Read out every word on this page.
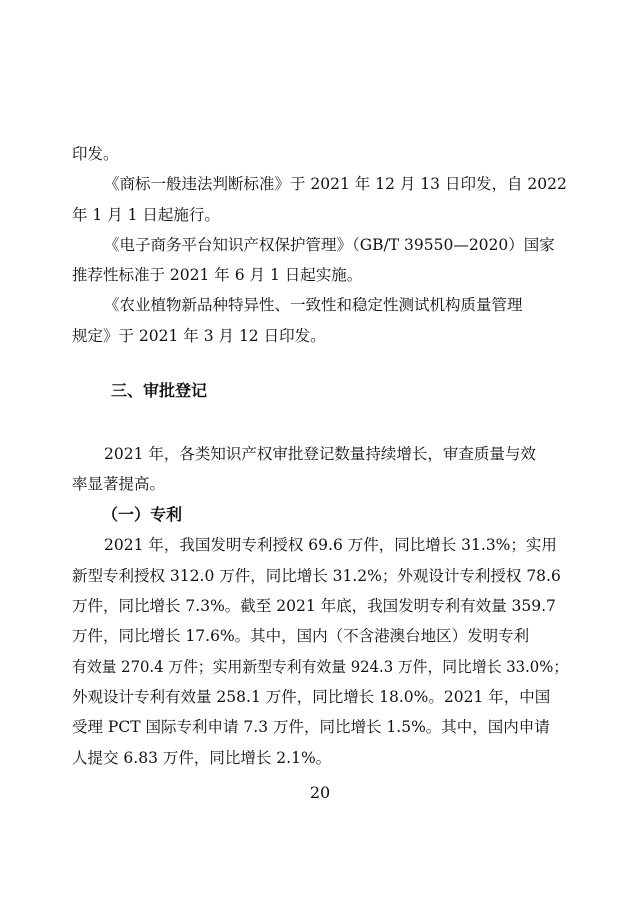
印发。
《商标一般违法判断标准》于 2021 年 12 月 13 日印发，自 2022
年 1 月 1 日起施行。
《电子商务平台知识产权保护管理》（GB/T 39550—2020）国家
推荐性标准于 2021 年 6 月 1 日起实施。
《农业植物新品种特异性、一致性和稳定性测试机构质量管理
规定》于 2021 年 3 月 12 日印发。
三、审批登记
2021 年，各类知识产权审批登记数量持续增长，审查质量与效
率显著提高。
（一）专利
2021 年，我国发明专利授权 69.6 万件，同比增长 31.3%；实用
新型专利授权 312.0 万件，同比增长 31.2%；外观设计专利授权 78.6
万件，同比增长 7.3%。截至 2021 年底，我国发明专利有效量 359.7
万件，同比增长 17.6%。其中，国内（不含港澳台地区）发明专利
有效量 270.4 万件；实用新型专利有效量 924.3 万件，同比增长 33.0%；
外观设计专利有效量 258.1 万件，同比增长 18.0%。2021 年，中国
受理 PCT 国际专利申请 7.3 万件，同比增长 1.5%。其中，国内申请
人提交 6.83 万件，同比增长 2.1%。
20
